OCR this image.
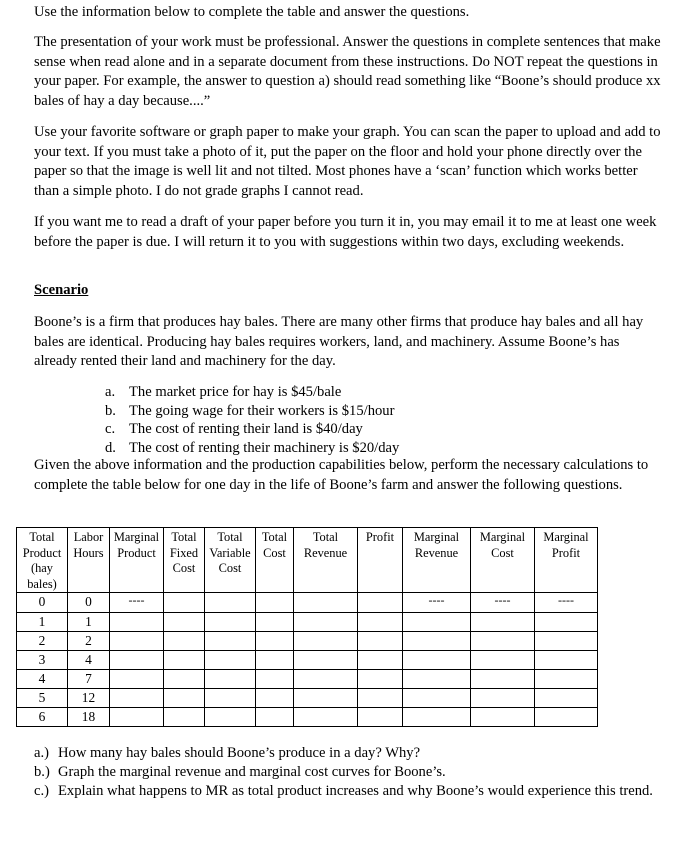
Use the information below to complete the table and answer the questions.

The presentation of your work must be professional. Answer the questions in complete sentences that make sense when read alone and in a separate document from these instructions. Do NOT repeat the questions in your paper. For example, the answer to question a) should read something like “Boone’s should produce xx bales of hay a day because....”

Use your favorite software or graph paper to make your graph. You can scan the paper to upload and add to your text. If you must take a photo of it, put the paper on the floor and hold your phone directly over the paper so that the image is well lit and not tilted. Most phones have a ‘scan’ function which works better than a simple photo. I do not grade graphs I cannot read.

If you want me to read a draft of your paper before you turn it in, you may email it to me at least one week before the paper is due. I will return it to you with suggestions within two days, excluding weekends.

Scenario

Boone’s is a firm that produces hay bales. There are many other firms that produce hay bales and all hay bales are identical. Producing hay bales requires workers, land, and machinery. Assume Boone’s has already rented their land and machinery for the day.

a. The market price for hay is $45/bale
b. The going wage for their workers is $15/hour
c. The cost of renting their land is $40/day
d. The cost of renting their machinery is $20/day

Given the above information and the production capabilities below, perform the necessary calculations to complete the table below for one day in the life of Boone’s farm and answer the following questions.

Total Product (hay bales)	Labor Hours	Marginal Product	Total Fixed Cost	Total Variable Cost	Total Cost	Total Revenue	Profit	Marginal Revenue	Marginal Cost	Marginal Profit
0	0	----						----	----	----
1	1									
2	2									
3	4									
4	7									
5	12									
6	18									
a.) How many hay bales should Boone’s produce in a day? Why?
b.) Graph the marginal revenue and marginal cost curves for Boone’s.
c.) Explain what happens to MR as total product increases and why Boone’s would experience this trend.
